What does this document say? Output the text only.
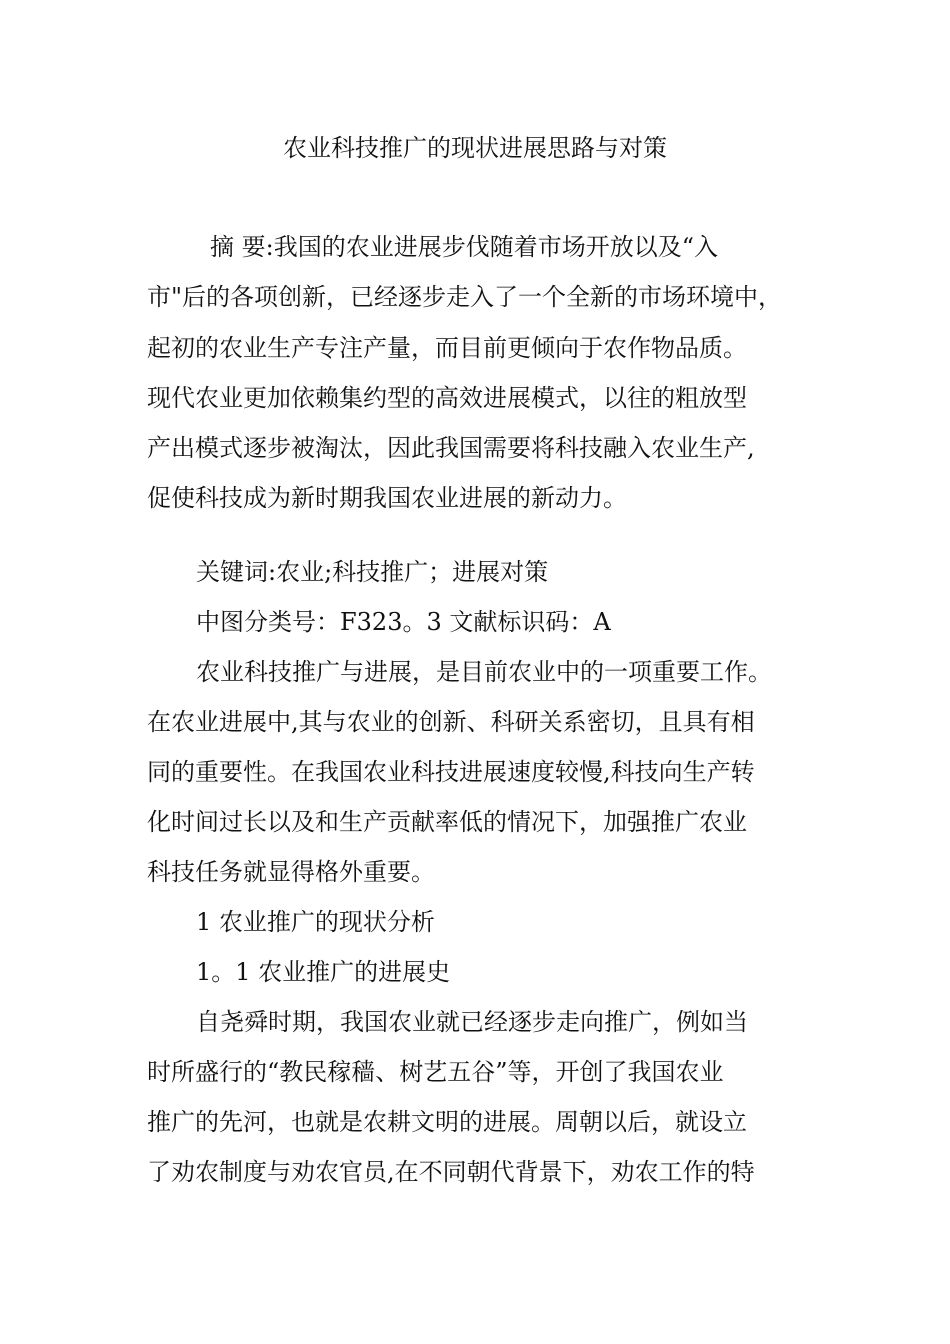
农业科技推广的现状进展思路与对策
摘 要:我国的农业进展步伐随着市场开放以及“入
市"后的各项创新，已经逐步走入了一个全新的市场环境中，
起初的农业生产专注产量，而目前更倾向于农作物品质。
现代农业更加依赖集约型的高效进展模式，以往的粗放型
产出模式逐步被淘汰，因此我国需要将科技融入农业生产,
促使科技成为新时期我国农业进展的新动力。
关键词:农业;科技推广；进展对策
中图分类号：F323。3 文献标识码：A
农业科技推广与进展，是目前农业中的一项重要工作。
在农业进展中,其与农业的创新、科研关系密切，且具有相
同的重要性。在我国农业科技进展速度较慢,科技向生产转
化时间过长以及和生产贡献率低的情况下，加强推广农业
科技任务就显得格外重要。
1 农业推广的现状分析
1。1 农业推广的进展史
自尧舜时期，我国农业就已经逐步走向推广，例如当
时所盛行的“教民稼穑、树艺五谷”等，开创了我国农业
推广的先河，也就是农耕文明的进展。周朝以后，就设立
了劝农制度与劝农官员,在不同朝代背景下，劝农工作的特
